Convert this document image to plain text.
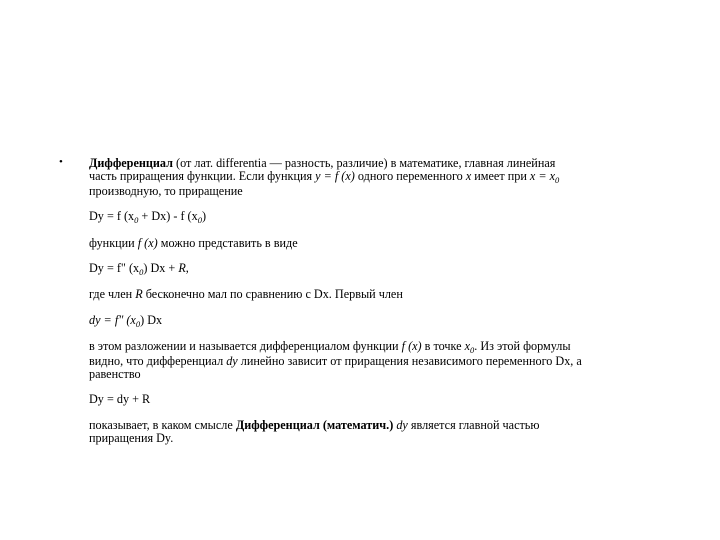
• Дифференциал (от лат. differentia — разность, различие) в математике, главная линейная
часть приращения функции. Если функция y = f (x) одного переменного x имеет при $x = x_0$
производную, то приращение

Dy = f $(x_0 + Dx) - f$ $(x_0)$

функции f (x) можно представить в виде

Dy = f" $(x_0) Dx + R$,

где член R бесконечно мал по сравнению с Dx. Первый член

dy = f" $(x_0)$ Dx

в этом разложении и называется дифференциалом функции f (x) в точке $x_0$. Из этой формулы
видно, что дифференциал dy линейно зависит от приращения независимого переменного Dx, а
равенство

Dy = dy + R

показывает, в каком смысле Дифференциал (математич.) dy является главной частью
приращения Dy.
